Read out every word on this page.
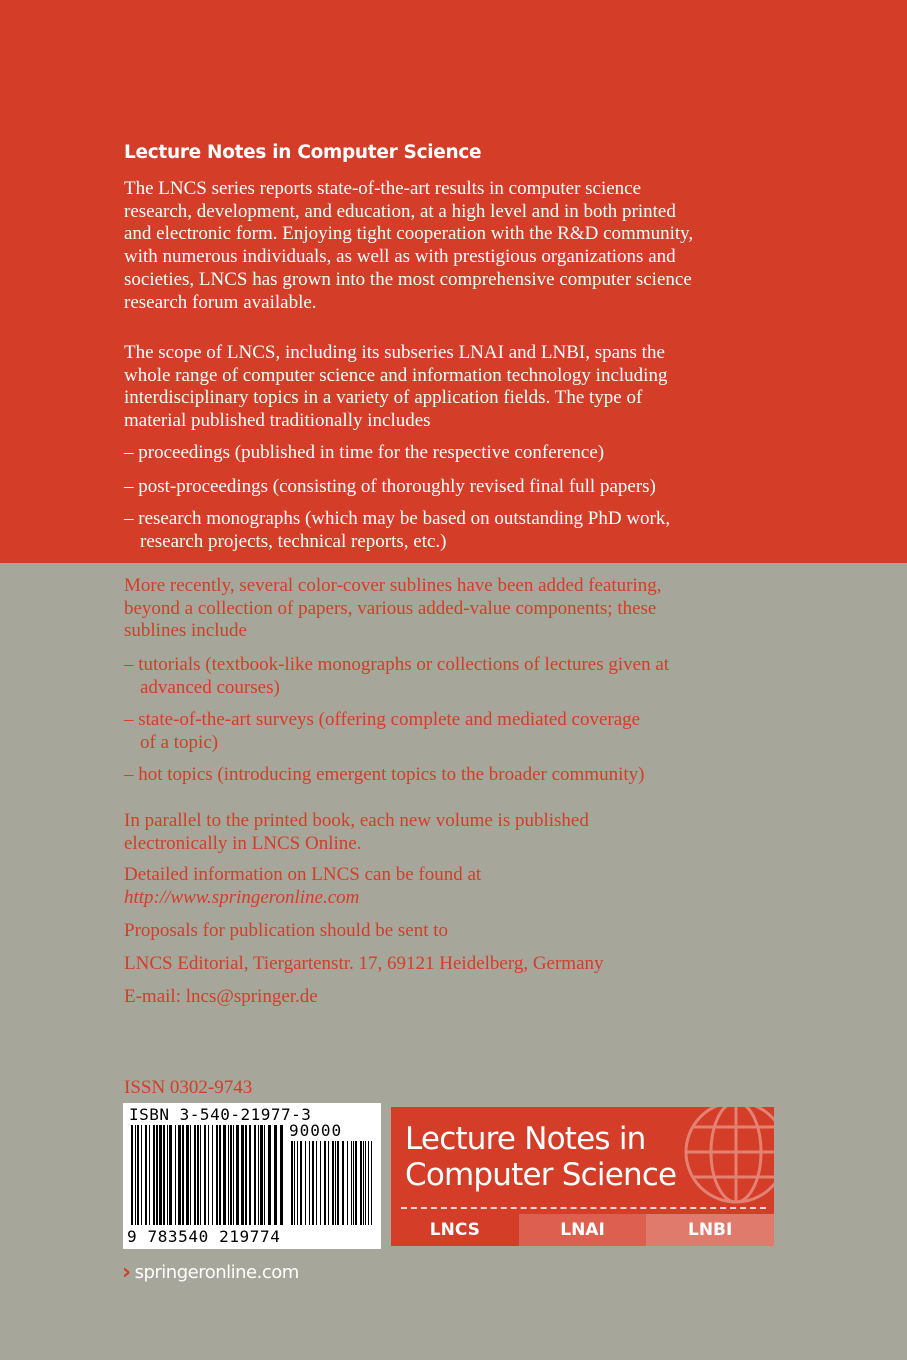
Lecture Notes in Computer Science
The LNCS series reports state-of-the-art results in computer science
research, development, and education, at a high level and in both printed
and electronic form. Enjoying tight cooperation with the R&D community,
with numerous individuals, as well as with prestigious organizations and
societies, LNCS has grown into the most comprehensive computer science
research forum available.
The scope of LNCS, including its subseries LNAI and LNBI, spans the
whole range of computer science and information technology including
interdisciplinary topics in a variety of application fields. The type of
material published traditionally includes
– proceedings (published in time for the respective conference)
– post-proceedings (consisting of thoroughly revised final full papers)
– research monographs (which may be based on outstanding PhD work,
research projects, technical reports, etc.)
More recently, several color-cover sublines have been added featuring,
beyond a collection of papers, various added-value components; these
sublines include
– tutorials (textbook-like monographs or collections of lectures given at
advanced courses)
– state-of-the-art surveys (offering complete and mediated coverage
of a topic)
– hot topics (introducing emergent topics to the broader community)
In parallel to the printed book, each new volume is published
electronically in LNCS Online.
Detailed information on LNCS can be found at
http://www.springeronline.com
Proposals for publication should be sent to
LNCS Editorial, Tiergartenstr. 17, 69121 Heidelberg, Germany
E-mail: lncs@springer.de
ISSN 0302-9743
ISBN 3-540-21977-3
90000
9 783540 219774
Lecture Notes in
Computer Science
LNCS	LNAI	LNBI
› springeronline.com
